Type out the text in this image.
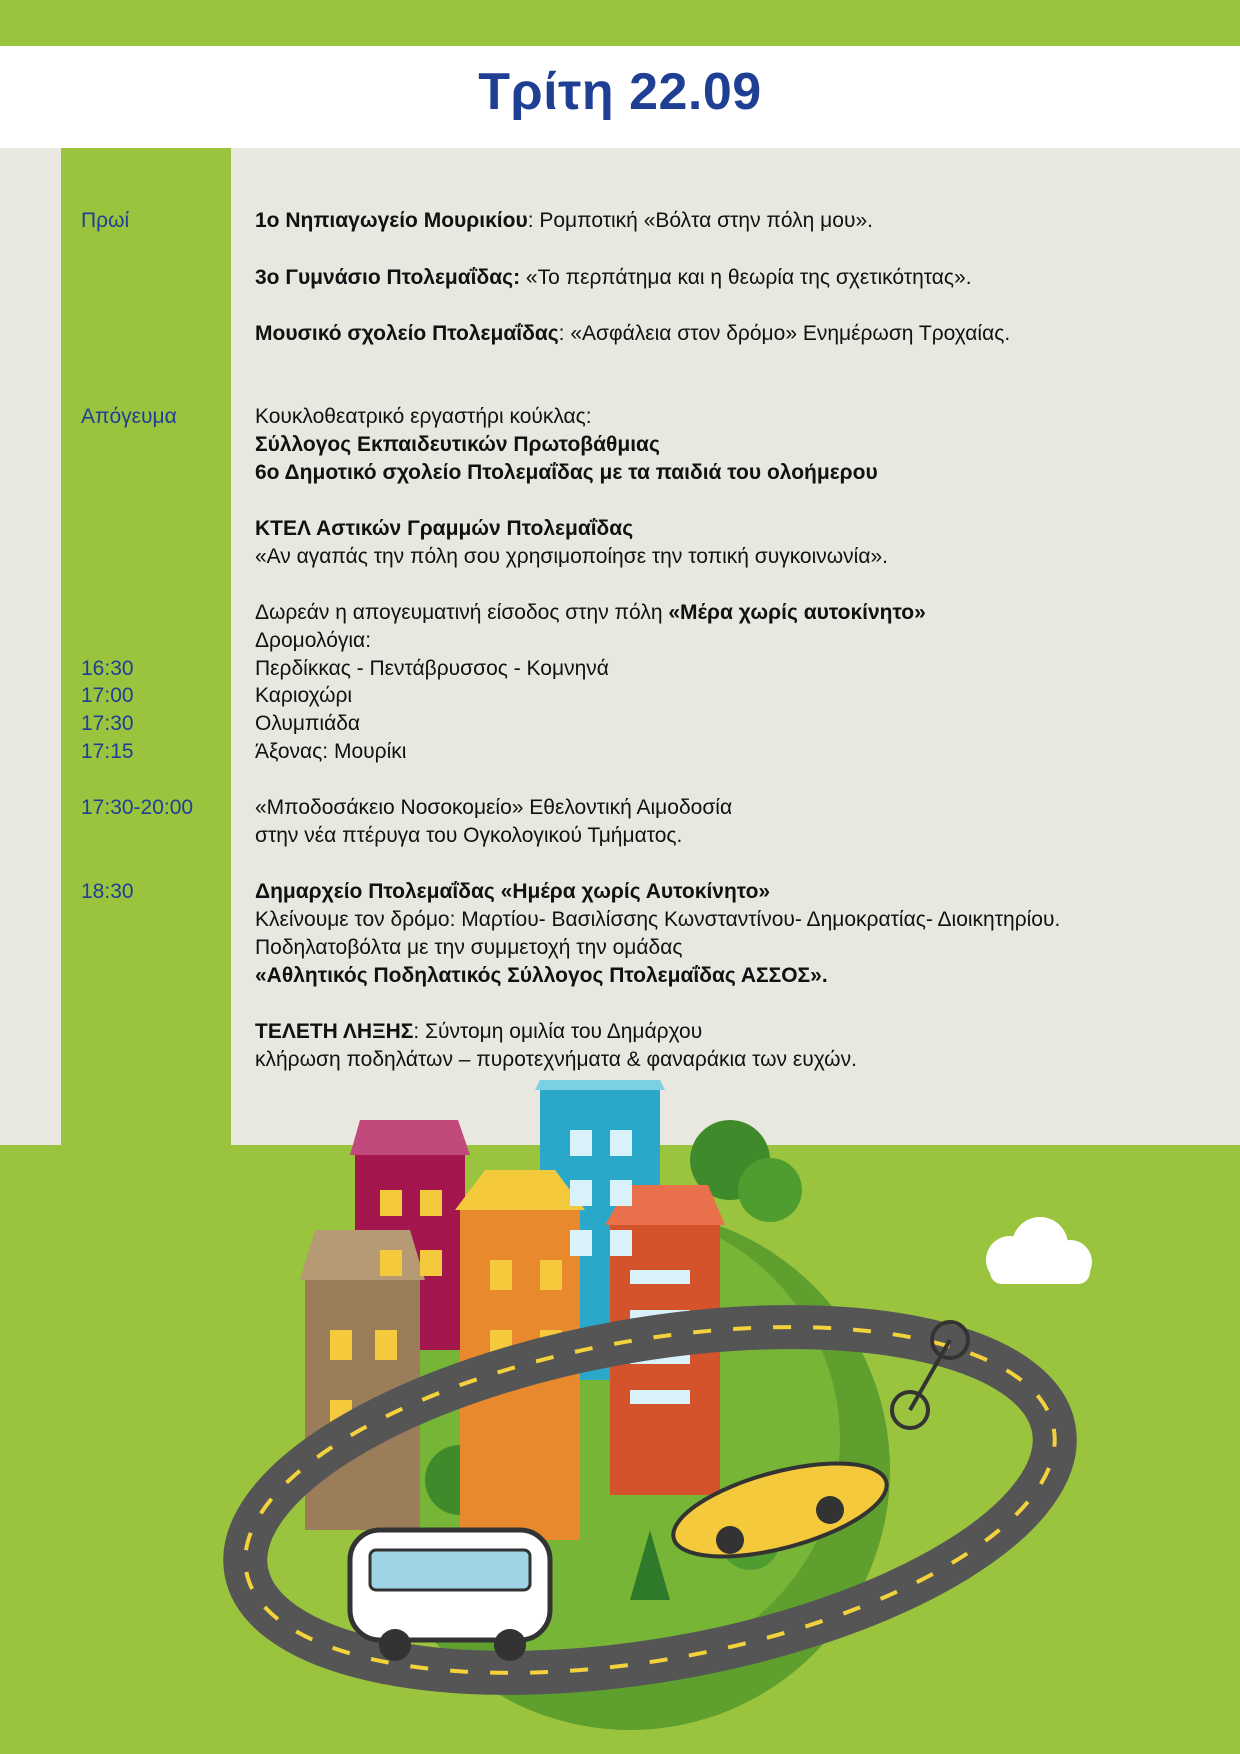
Τρίτη 22.09
Πρωί
Απόγευμα
16:30
17:00
17:30
17:15
17:30-20:00
18:30
1ο Νηπιαγωγείο Μουρικίου: Ρομποτική «Βόλτα στην πόλη μου».
3ο Γυμνάσιο Πτολεμαΐδας: «Το περπάτημα και η θεωρία της σχετικότητας».
Μουσικό σχολείο Πτολεμαΐδας: «Ασφάλεια στον δρόμο» Ενημέρωση Τροχαίας.
Κουκλοθεατρικό εργαστήρι κούκλας:
Σύλλογος Εκπαιδευτικών Πρωτοβάθμιας
6ο Δημοτικό σχολείο Πτολεμαΐδας με τα παιδιά του ολοήμερου
ΚΤΕΛ Αστικών Γραμμών Πτολεμαΐδας
«Αν αγαπάς την πόλη σου χρησιμοποίησε την τοπική συγκοινωνία».
Δωρεάν η απογευματινή είσοδος στην πόλη «Μέρα χωρίς αυτοκίνητο»
Δρομολόγια:
Περδίκκας - Πεντάβρυσσος - Κομνηνά
Καριοχώρι
Ολυμπιάδα
Άξονας: Μουρίκι
«Μποδοσάκειο Νοσοκομείο» Εθελοντική Αιμοδοσία
στην νέα πτέρυγα του Ογκολογικού Τμήματος.
Δημαρχείο Πτολεμαΐδας «Ημέρα χωρίς Αυτοκίνητο»
Κλείνουμε τον δρόμο: Μαρτίου- Βασιλίσσης Κωνσταντίνου- Δημοκρατίας- Διοικητηρίου.
Ποδηλατοβόλτα με την συμμετοχή την ομάδας
«Αθλητικός Ποδηλατικός Σύλλογος Πτολεμαΐδας ΑΣΣΟΣ».
ΤΕΛΕΤΗ ΛΗΞΗΣ: Σύντομη ομιλία του Δημάρχου
κλήρωση ποδηλάτων – πυροτεχνήματα & φαναράκια των ευχών.
